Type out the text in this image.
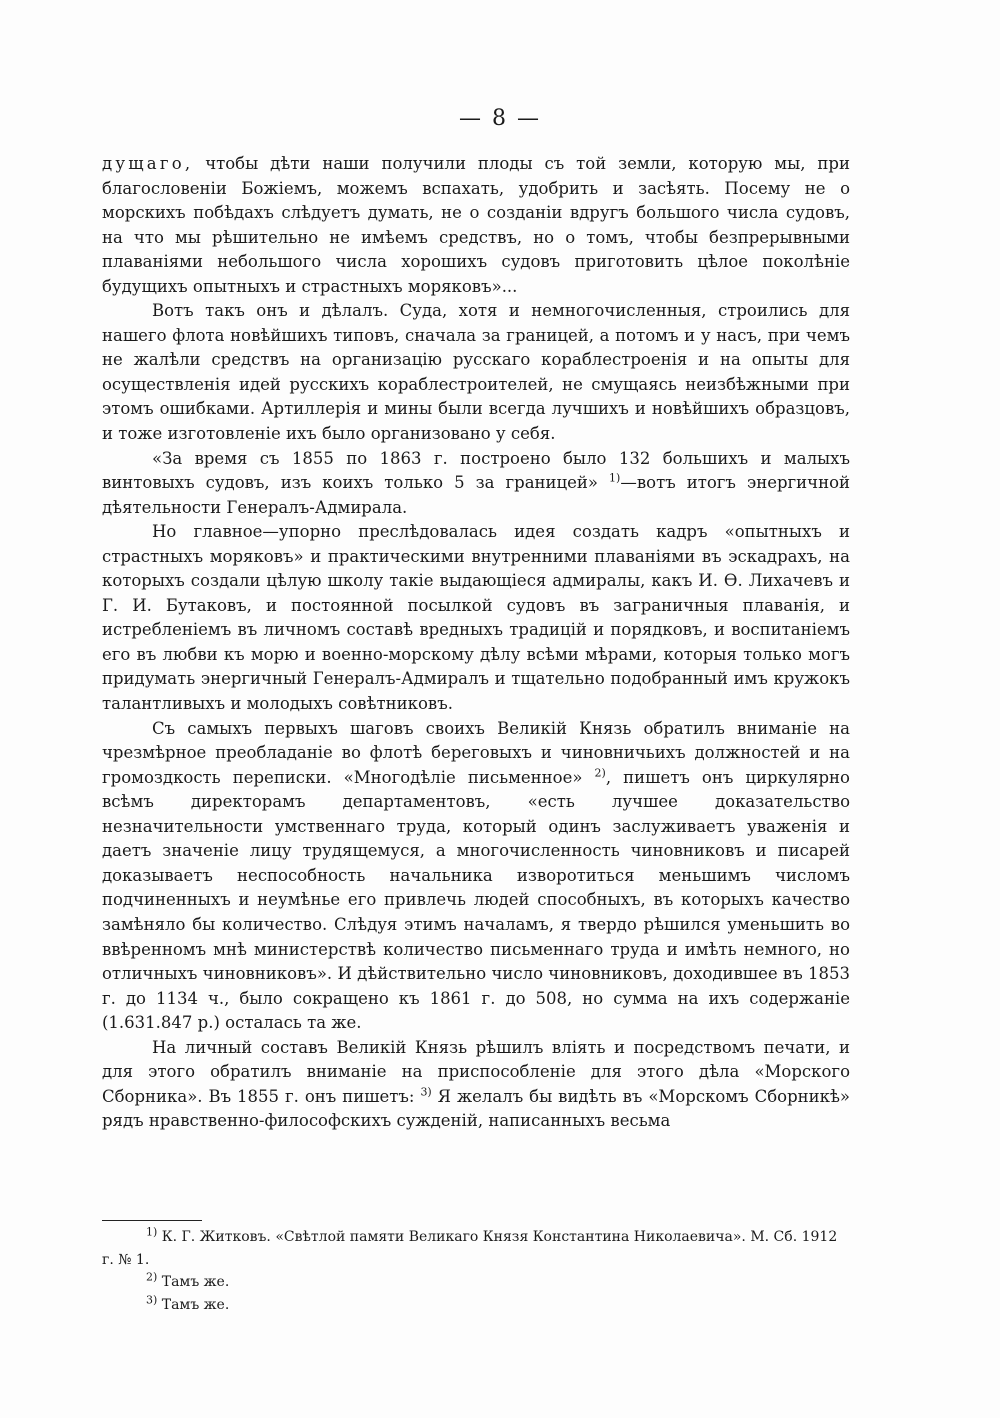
— 8 —

дущаго, чтобы дѣти наши получили плоды съ той земли, которую мы, при благословеніи Божіемъ, можемъ вспахать, удобрить и засѣять. Посему не о морскихъ побѣдахъ слѣдуетъ думать, не о созданіи вдругъ большого числа судовъ, на что мы рѣшительно не имѣемъ средствъ, но о томъ, чтобы безпрерывными плаваніями небольшого числа хорошихъ судовъ приготовить цѣлое поколѣніе будущихъ опытныхъ и страстныхъ моряковъ»...

Вотъ такъ онъ и дѣлалъ. Суда, хотя и немногочисленныя, строились для нашего флота новѣйшихъ типовъ, сначала за границей, а потомъ и у насъ, при чемъ не жалѣли средствъ на организацію русскаго кораблестроенія и на опыты для осуществленія идей русскихъ кораблестроителей, не смущаясь неизбѣжными при этомъ ошибками. Артиллерія и мины были всегда лучшихъ и новѣйшихъ образцовъ, и тоже изготовленіе ихъ было организовано у себя.

«За время съ 1855 по 1863 г. построено было 132 большихъ и малыхъ винтовыхъ судовъ, изъ коихъ только 5 за границей» $^{1)}$—вотъ итогъ энергичной дѣятельности Генералъ-Адмирала.

Но главное—упорно преслѣдовалась идея создать кадръ «опытныхъ и страстныхъ моряковъ» и практическими внутренними плаваніями въ эскадрахъ, на которыхъ создали цѣлую школу такіе выдающіеся адмиралы, какъ И. Ѳ. Лихачевъ и Г. И. Бутаковъ, и постоянной посылкой судовъ въ заграничныя плаванія, и истребленіемъ въ личномъ составѣ вредныхъ традицій и порядковъ, и воспитаніемъ его въ любви къ морю и военно-морскому дѣлу всѣми мѣрами, которыя только могъ придумать энергичный Генералъ-Адмиралъ и тщательно подобранный имъ кружокъ талантливыхъ и молодыхъ совѣтниковъ.

Съ самыхъ первыхъ шаговъ своихъ Великій Князь обратилъ вниманіе на чрезмѣрное преобладаніе во флотѣ береговыхъ и чиновничьихъ должностей и на громоздкость переписки. «Многодѣліе письменное» $^{2)}$, пишетъ онъ циркулярно всѣмъ директорамъ департаментовъ, «есть лучшее доказательство незначительности умственнаго труда, который одинъ заслуживаетъ уваженія и даетъ значеніе лицу трудящемуся, а многочисленность чиновниковъ и писарей доказываетъ неспособность начальника изворотиться меньшимъ числомъ подчиненныхъ и неумѣнье его привлечь людей способныхъ, въ которыхъ качество замѣняло бы количество. Слѣдуя этимъ началамъ, я твердо рѣшился уменьшить во ввѣренномъ мнѣ министерствѣ количество письменнаго труда и имѣть немного, но отличныхъ чиновниковъ». И дѣйствительно число чиновниковъ, доходившее въ 1853 г. до 1134 ч., было сокращено къ 1861 г. до 508, но сумма на ихъ содержаніе (1.631.847 р.) осталась та же.

На личный составъ Великій Князь рѣшилъ вліять и посредствомъ печати, и для этого обратилъ вниманіе на приспособленіе для этого дѣла «Морского Сборника». Въ 1855 г. онъ пишетъ: $^{3)}$ Я желалъ бы видѣть въ «Морскомъ Сборникѣ» рядъ нравственно-философскихъ сужденій, написанныхъ весьма

$^{1)}$ К. Г. Житковъ. «Свѣтлой памяти Великаго Князя Константина Николаевича». М. Сб. 1912 г. № 1.

$^{2)}$ Тамъ же.

$^{3)}$ Тамъ же.
